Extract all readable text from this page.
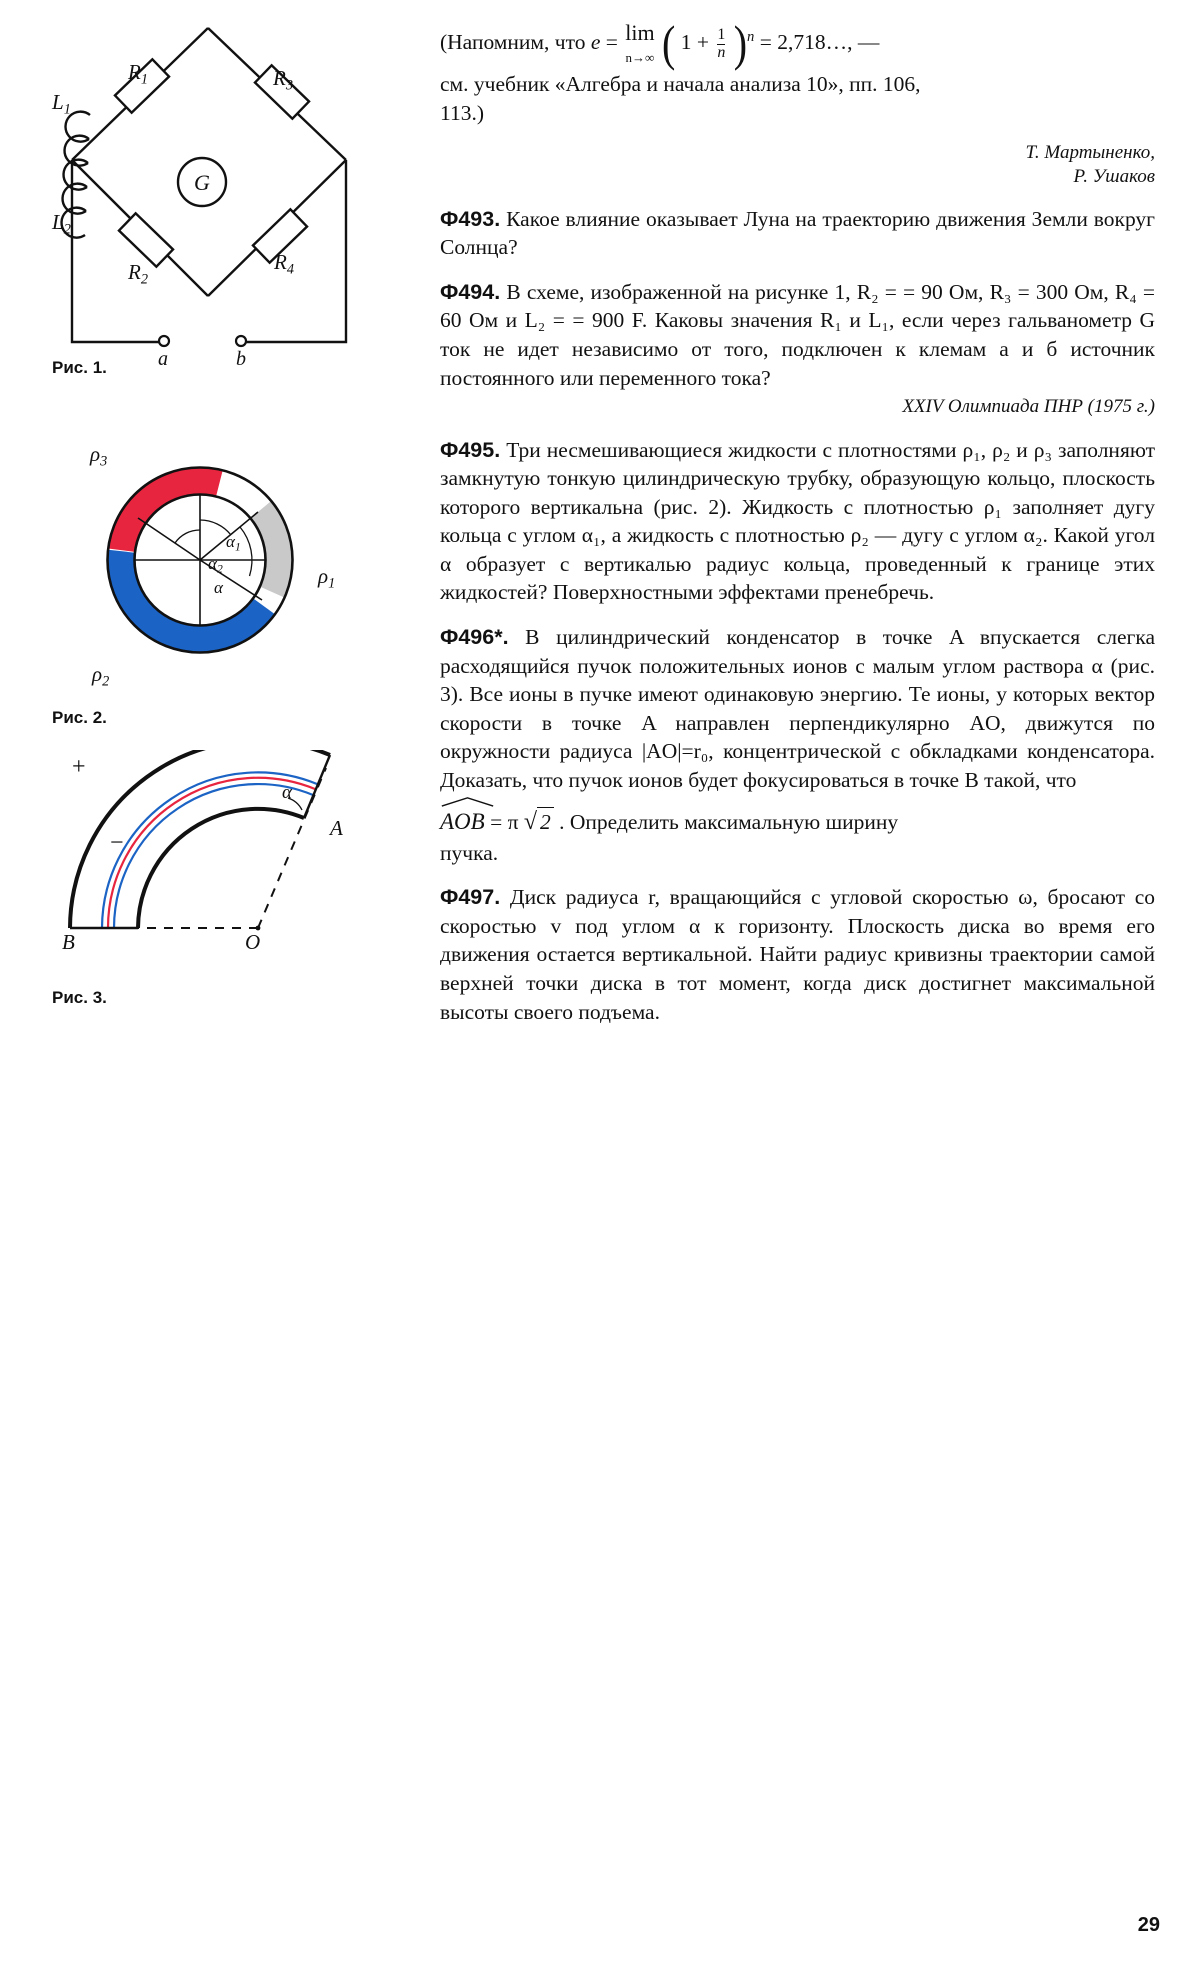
G
$R_1$	$R_3$
$R_2$
$R_4$
$L_1$
$L_2$
a	b
Рис. 1.
$\rho_3$
$\rho_1$
$\rho_2$
$\alpha_1$
$\alpha_2$
α
Рис. 2.
+
−
α
A
B	O
Рис. 3.
(Напомним, что e = lim
n→∞ ( $1 + \frac{1}{n} )^n$ = 2,718…, —
см. учебник «Алгебра и начала анализа 10», пп. 106,
113.)
Т. Мартыненко,
Р. Ушаков
Ф493. Какое влияние оказывает Луна на траекторию движения Земли вокруг Солнца?
Ф494. В схеме, изображенной на рисунке 1, R₂ = = 90 Ом, R₃ = 300 Ом, R₄ = 60 Ом и L₂ = = 900 F. Каковы значения R₁ и L₁, если через гальванометр G ток не идет независимо от того, подключен к клемам а и б источник постоянного или переменного тока?
XXIV Олимпиада ПНР (1975 г.)
Ф495. Три несмешивающиеся жидкости с плотностями ρ₁, ρ₂ и ρ₃ заполняют замкнутую тонкую цилиндрическую трубку, образующую кольцо, плоскость которого вертикальна (рис. 2). Жидкость с плотностью ρ₁ заполняет дугу кольца с углом α₁, а жидкость с плотностью ρ₂ — дугу с углом α₂. Какой угол α образует с вертикалью радиус кольца, проведенный к границе этих жидкостей? Поверхностными эффектами пренебречь.
Ф496*. В цилиндрический конденсатор в точке A впускается слегка расходящийся пучок положительных ионов с малым углом раствора α (рис. 3). Все ионы в пучке имеют одинаковую энергию. Те ионы, у которых вектор скорости в точке A направлен перпендикулярно AO, движутся по окружности радиуса |AO|=r₀, концентрической с обкладками конденсатора. Доказать, что пучок ионов будет фокусироваться в точке B такой, что
AOB = π √ 2 . Определить максимальную ширину
пучка.
Ф497. Диск радиуса r, вращающийся с угловой скоростью ω, бросают со скоростью v под углом α к горизонту. Плоскость диска во время его движения остается вертикальной. Найти радиус кривизны траектории самой верхней точки диска в тот момент, когда диск достигнет максимальной высоты своего подъема.
29
